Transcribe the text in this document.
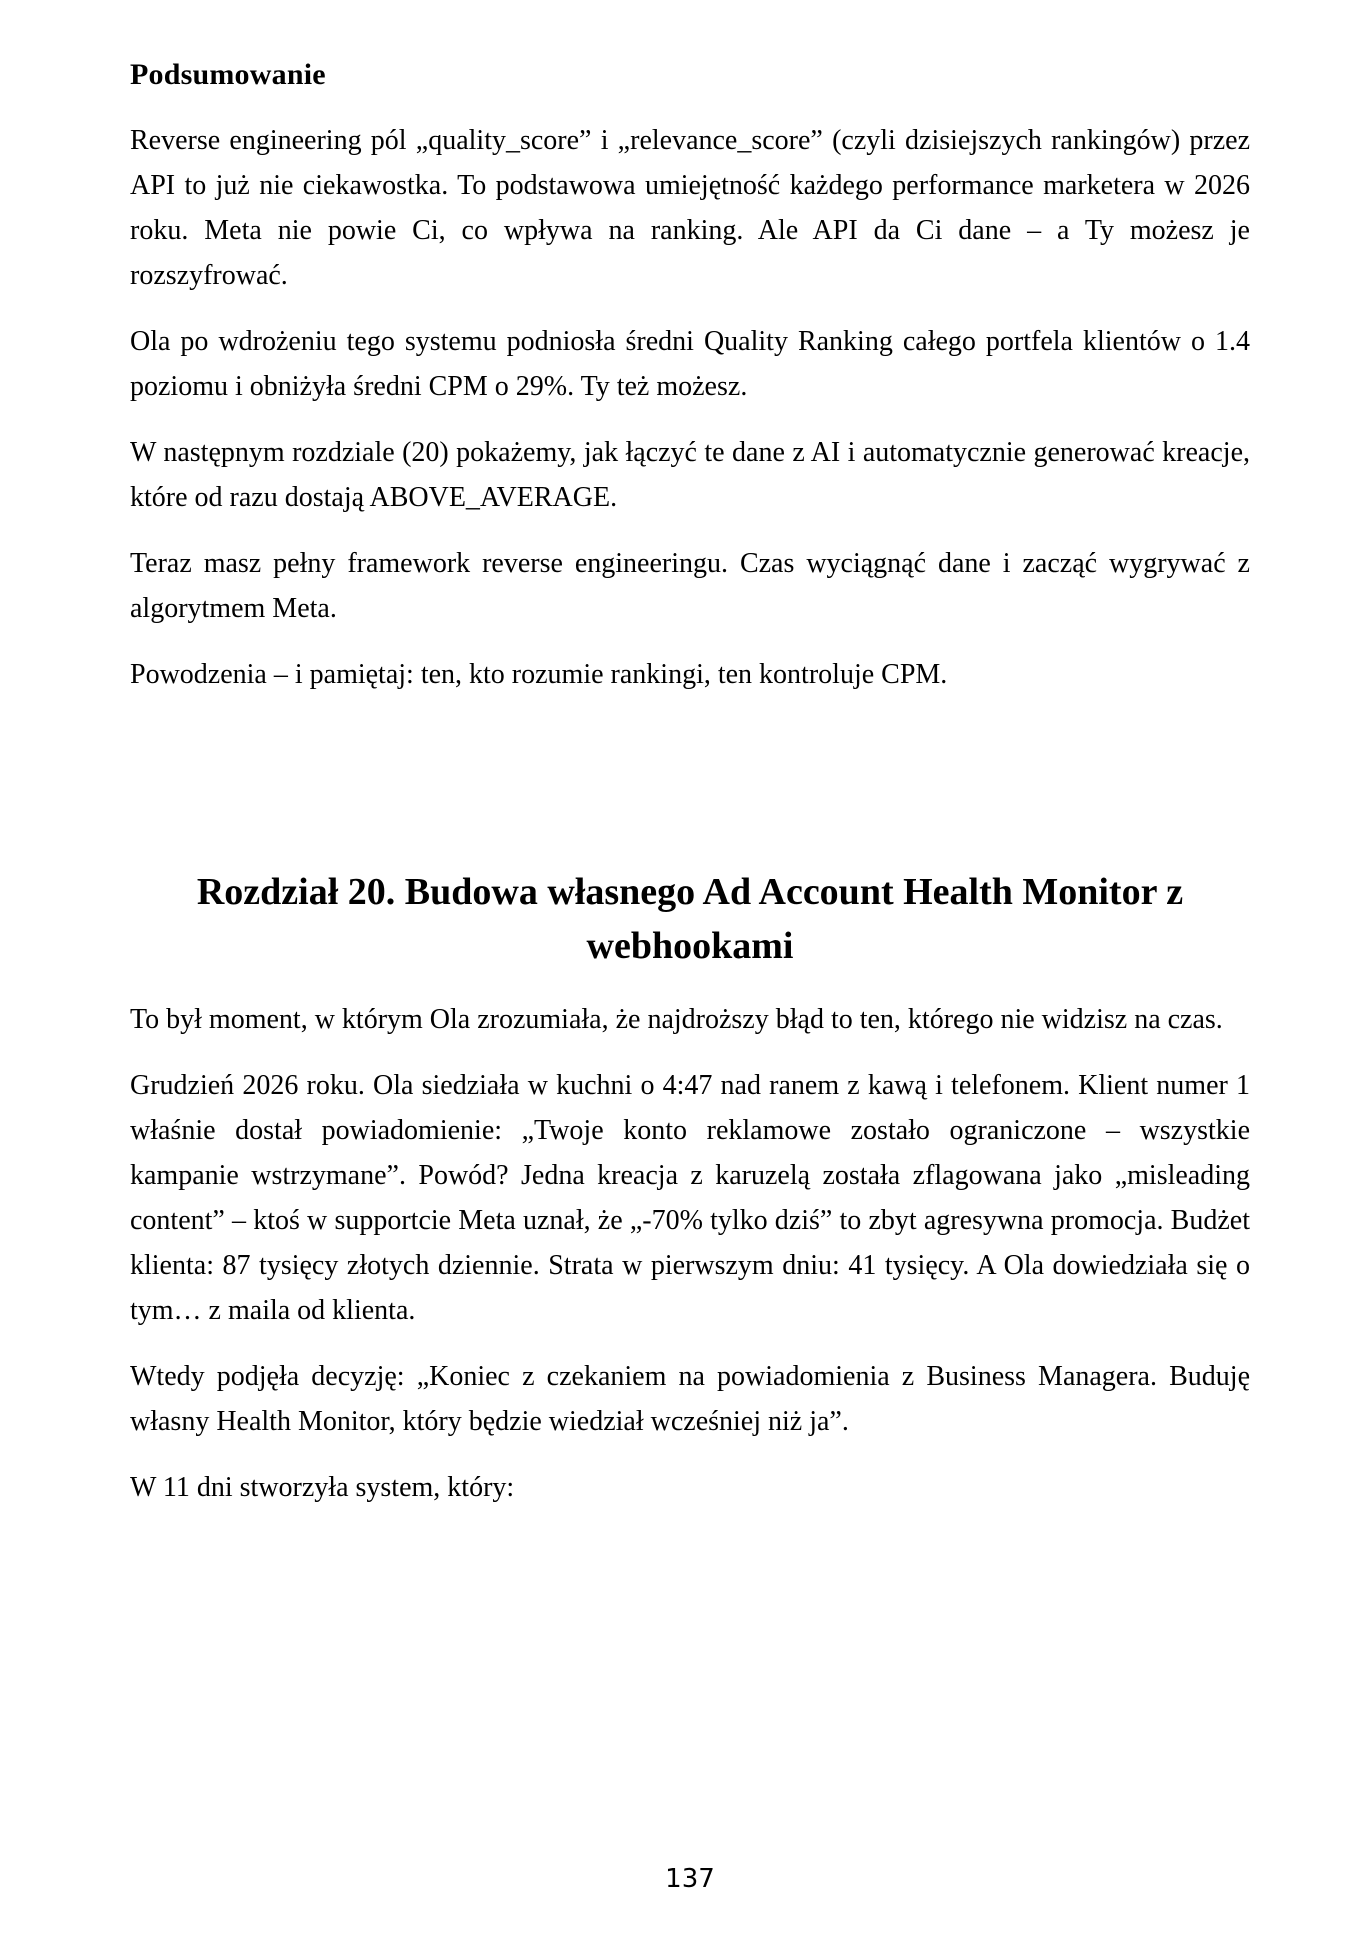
Podsumowanie

Reverse engineering pól „quality_score” i „relevance_score” (czyli dzisiejszych rankingów) przez API to już nie ciekawostka. To podstawowa umiejętność każdego performance marketera w 2026 roku. Meta nie powie Ci, co wpływa na ranking. Ale API da Ci dane – a Ty możesz je rozszyfrować.

Ola po wdrożeniu tego systemu podniosła średni Quality Ranking całego portfela klientów o 1.4 poziomu i obniżyła średni CPM o 29%. Ty też możesz.

W następnym rozdziale (20) pokażemy, jak łączyć te dane z AI i automatycznie generować kreacje, które od razu dostają ABOVE_AVERAGE.

Teraz masz pełny framework reverse engineeringu. Czas wyciągnąć dane i zacząć wygrywać z algorytmem Meta.

Powodzenia – i pamiętaj: ten, kto rozumie rankingi, ten kontroluje CPM.

Rozdział 20. Budowa własnego Ad Account Health Monitor z webhookami

To był moment, w którym Ola zrozumiała, że najdroższy błąd to ten, którego nie widzisz na czas.

Grudzień 2026 roku. Ola siedziała w kuchni o 4:47 nad ranem z kawą i telefonem. Klient numer 1 właśnie dostał powiadomienie: „Twoje konto reklamowe zostało ograniczone – wszystkie kampanie wstrzymane”. Powód? Jedna kreacja z karuzelą została zflagowana jako „misleading content” – ktoś w supportcie Meta uznał, że „-70% tylko dziś” to zbyt agresywna promocja. Budżet klienta: 87 tysięcy złotych dziennie. Strata w pierwszym dniu: 41 tysięcy. A Ola dowiedziała się o tym… z maila od klienta.

Wtedy podjęła decyzję: „Koniec z czekaniem na powiadomienia z Business Managera. Buduję własny Health Monitor, który będzie wiedział wcześniej niż ja”.

W 11 dni stworzyła system, który:

137
